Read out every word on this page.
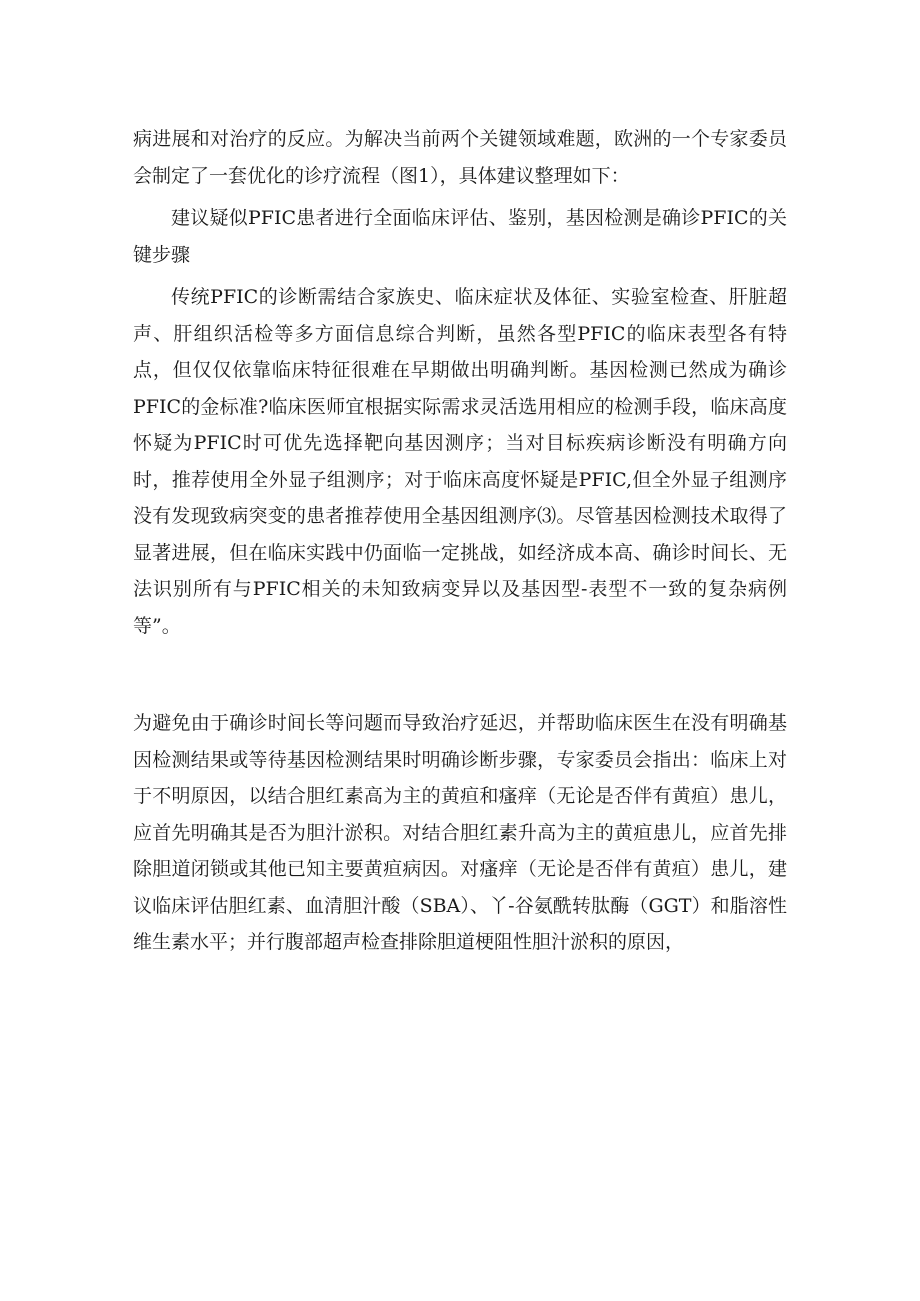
病进展和对治疗的反应。为解决当前两个关键领域难题，欧洲的一个专家委员会制定了一套优化的诊疗流程（图1），具体建议整理如下：

建议疑似PFIC患者进行全面临床评估、鉴别，基因检测是确诊PFIC的关键步骤

传统PFIC的诊断需结合家族史、临床症状及体征、实验室检查、肝脏超声、肝组织活检等多方面信息综合判断，虽然各型PFIC的临床表型各有特点，但仅仅依靠临床特征很难在早期做出明确判断。基因检测已然成为确诊PFIC的金标准?临床医师宜根据实际需求灵活选用相应的检测手段，临床高度怀疑为PFIC时可优先选择靶向基因测序；当对目标疾病诊断没有明确方向时，推荐使用全外显子组测序；对于临床高度怀疑是PFIC,但全外显子组测序没有发现致病突变的患者推荐使用全基因组测序⑶。尽管基因检测技术取得了显著进展，但在临床实践中仍面临一定挑战，如经济成本高、确诊时间长、无法识别所有与PFIC相关的未知致病变异以及基因型-表型不一致的复杂病例等”。

为避免由于确诊时间长等问题而导致治疗延迟，并帮助临床医生在没有明确基因检测结果或等待基因检测结果时明确诊断步骤，专家委员会指出：临床上对于不明原因，以结合胆红素高为主的黄疸和瘙痒（无论是否伴有黄疸）患儿，应首先明确其是否为胆汁淤积。对结合胆红素升高为主的黄疸患儿，应首先排除胆道闭锁或其他已知主要黄疸病因。对瘙痒（无论是否伴有黄疸）患儿，建议临床评估胆红素、血清胆汁酸（SBA）、丫-谷氨酰转肽酶（GGT）和脂溶性维生素水平；并行腹部超声检查排除胆道梗阻性胆汁淤积的原因，
